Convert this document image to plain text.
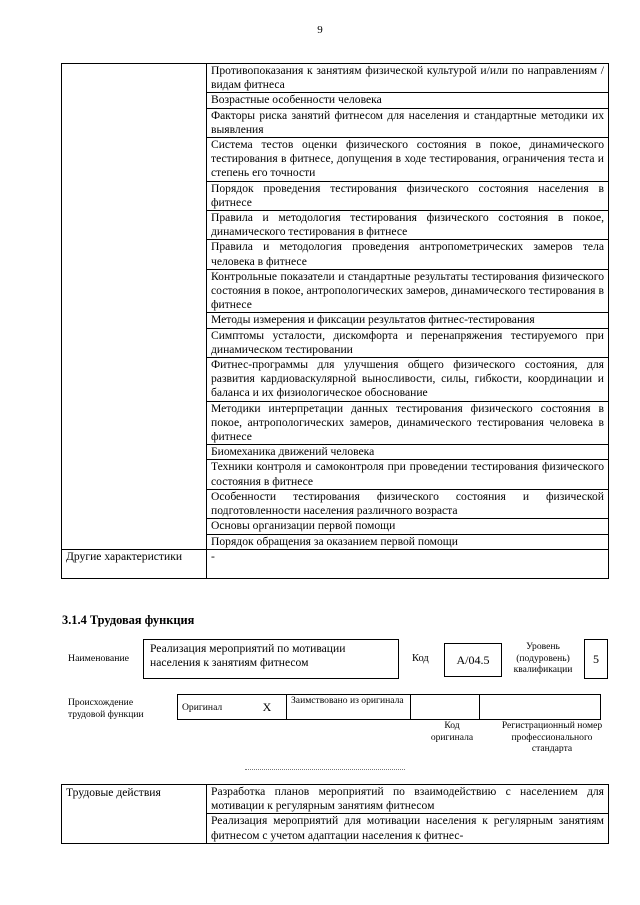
9
	Противопоказания к занятиям физической культурой и/или по направлениям / видам фитнеса
	Возрастные особенности человека
	Факторы риска занятий фитнесом для населения и стандартные методики их выявления
	Система тестов оценки физического состояния в покое, динамического тестирования в фитнесе, допущения в ходе тестирования, ограничения теста и степень его точности
	Порядок проведения тестирования физического состояния населения в фитнесе
	Правила и методология тестирования физического состояния в покое, динамического тестирования в фитнесе
	Правила и методология проведения антропометрических замеров тела человека в фитнесе
	Контрольные показатели и стандартные результаты тестирования физического состояния в покое, антропологических замеров, динамического тестирования в фитнесе
	Методы измерения и фиксации результатов фитнес-тестирования
	Симптомы усталости, дискомфорта и перенапряжения тестируемого при динамическом тестировании
	Фитнес-программы для улучшения общего физического состояния, для развития кардиоваскулярной выносливости, силы, гибкости, координации и баланса и их физиологическое обоснование
	Методики интерпретации данных тестирования физического состояния в покое, антропологических замеров, динамического тестирования человека в фитнесе
	Биомеханика движений человека
	Техники контроля и самоконтроля при проведении тестирования физического состояния в фитнесе
	Особенности тестирования физического состояния и физической подготовленности населения различного возраста
	Основы организации первой помощи
	Порядок обращения за оказанием первой помощи
Другие характеристики	-
3.1.4 Трудовая функция
Наименование
Реализация мероприятий по мотивации населения к занятиям фитнесом	Код	А/04.5
Уровень (подуровень) квалификации
5
Происхождение трудовой функции
Оригинал	Х	Заимствовано из оригинала		
Код оригинала
Регистрационный номер профессионального стандарта
Трудовые действия	Разработка планов мероприятий по взаимодействию с населением для мотивации к регулярным занятиям фитнесом
Реализация мероприятий для мотивации населения к регулярным занятиям фитнесом с учетом адаптации населения к фитнес-
